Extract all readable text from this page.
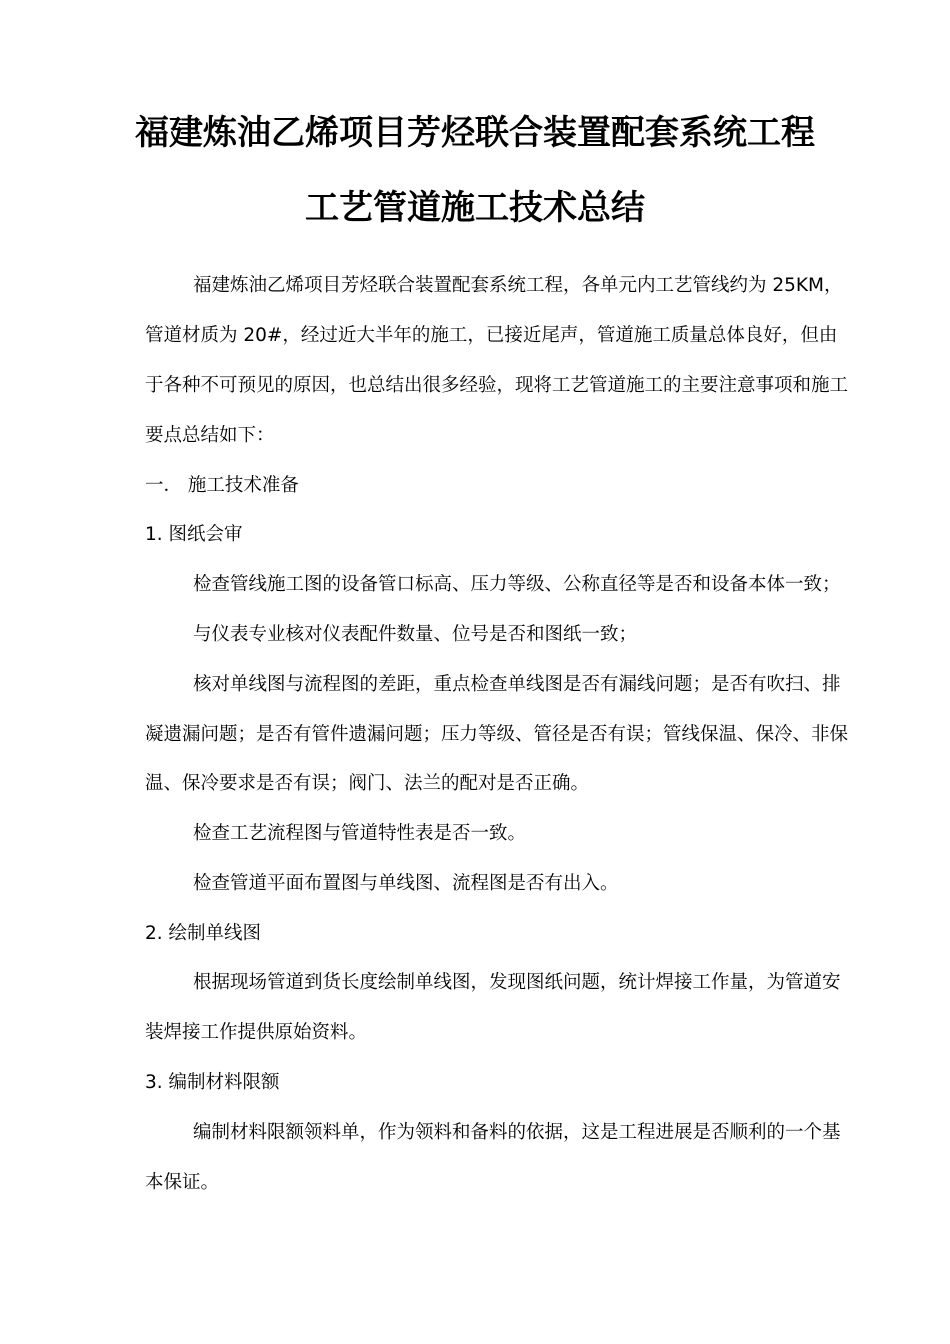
福建炼油乙烯项目芳烃联合装置配套系统工程
工艺管道施工技术总结
福建炼油乙烯项目芳烃联合装置配套系统工程，各单元内工艺管线约为 25KM，
管道材质为 20#，经过近大半年的施工，已接近尾声，管道施工质量总体良好，但由
于各种不可预见的原因，也总结出很多经验，现将工艺管道施工的主要注意事项和施工
要点总结如下：
一． 施工技术准备
1. 图纸会审
检查管线施工图的设备管口标高、压力等级、公称直径等是否和设备本体一致；
与仪表专业核对仪表配件数量、位号是否和图纸一致；
核对单线图与流程图的差距，重点检查单线图是否有漏线问题；是否有吹扫、排
凝遗漏问题；是否有管件遗漏问题；压力等级、管径是否有误；管线保温、保冷、非保
温、保冷要求是否有误；阀门、法兰的配对是否正确。
检查工艺流程图与管道特性表是否一致。
检查管道平面布置图与单线图、流程图是否有出入。
2. 绘制单线图
根据现场管道到货长度绘制单线图，发现图纸问题，统计焊接工作量，为管道安
装焊接工作提供原始资料。
3. 编制材料限额
编制材料限额领料单，作为领料和备料的依据，这是工程进展是否顺利的一个基
本保证。
